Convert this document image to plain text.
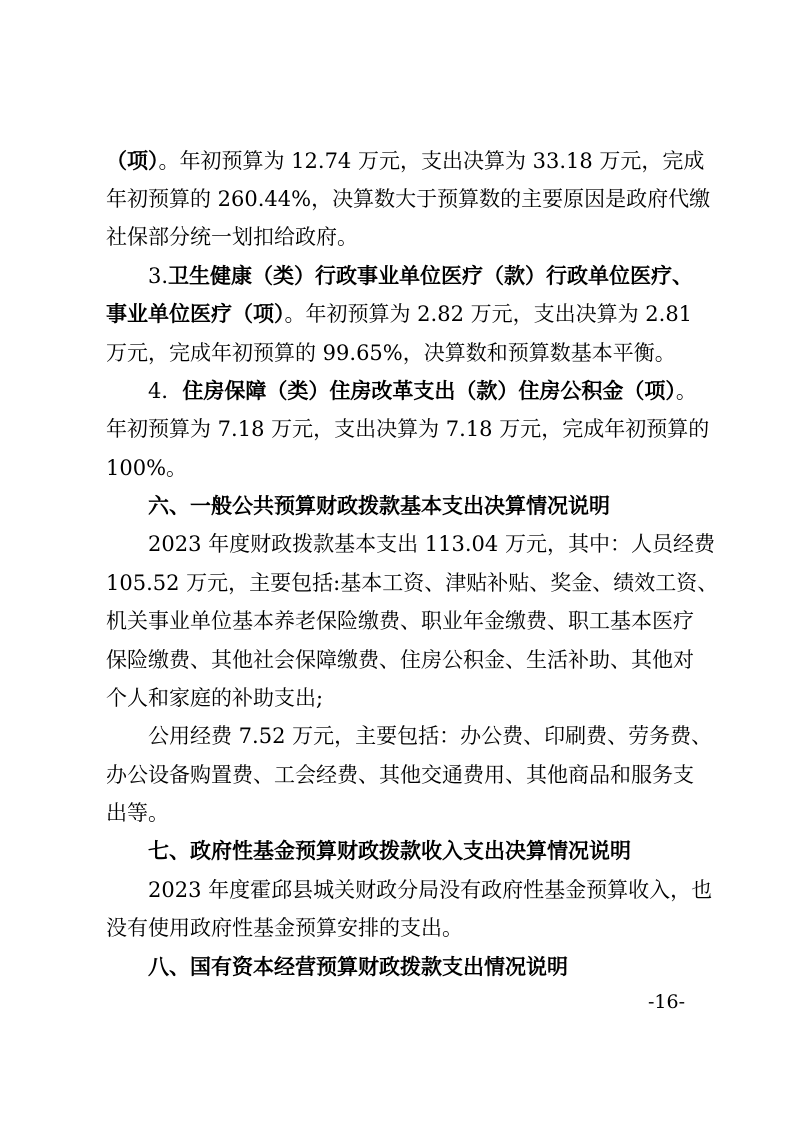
（项）。年初预算为 12.74 万元，支出决算为 33.18 万元，完成
年初预算的 260.44%，决算数大于预算数的主要原因是政府代缴
社保部分统一划扣给政府。
3.卫生健康（类）行政事业单位医疗（款）行政单位医疗、
事业单位医疗（项）。年初预算为 2.82 万元，支出决算为 2.81
万元，完成年初预算的 99.65%，决算数和预算数基本平衡。
4．住房保障（类）住房改革支出（款）住房公积金（项）。
年初预算为 7.18 万元，支出决算为 7.18 万元，完成年初预算的
100%。
六、一般公共预算财政拨款基本支出决算情况说明
2023 年度财政拨款基本支出 113.04 万元，其中：人员经费
105.52 万元，主要包括:基本工资、津贴补贴、奖金、绩效工资、
机关事业单位基本养老保险缴费、职业年金缴费、职工基本医疗
保险缴费、其他社会保障缴费、住房公积金、生活补助、其他对
个人和家庭的补助支出;
公用经费 7.52 万元，主要包括：办公费、印刷费、劳务费、
办公设备购置费、工会经费、其他交通费用、其他商品和服务支
出等。
七、政府性基金预算财政拨款收入支出决算情况说明
2023 年度霍邱县城关财政分局没有政府性基金预算收入，也
没有使用政府性基金预算安排的支出。
八、国有资本经营预算财政拨款支出情况说明
-16-
